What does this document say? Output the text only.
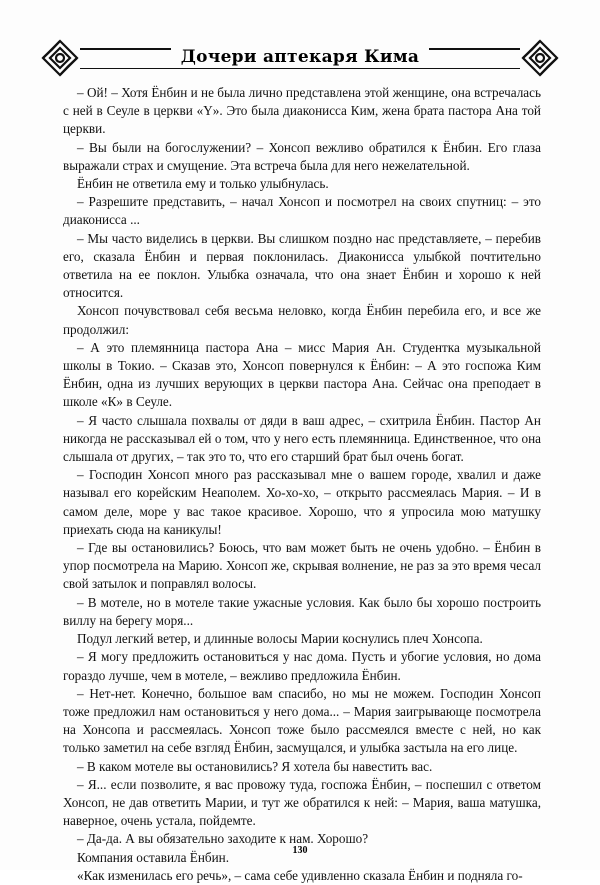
Дочери аптекаря Кима

– Ой! – Хотя Ёнбин и не была лично представлена этой женщине, она встречалась с ней в Сеуле в церкви «Y». Это была диаконисса Ким, жена брата пастора Ана той церкви.

– Вы были на богослужении? – Хонсоп вежливо обратился к Ёнбин. Его глаза выражали страх и смущение. Эта встреча была для него нежелательной.

Ёнбин не ответила ему и только улыбнулась.

– Разрешите представить, – начал Хонсоп и посмотрел на своих спутниц: – это диаконисса ...

– Мы часто виделись в церкви. Вы слишком поздно нас представляете, – перебив его, сказала Ёнбин и первая поклонилась. Диаконисса улыбкой почтительно ответила на ее поклон. Улыбка означала, что она знает Ёнбин и хорошо к ней относится.

Хонсоп почувствовал себя весьма неловко, когда Ёнбин перебила его, и все же продолжил:

– А это племянница пастора Ана – мисс Мария Ан. Студентка музыкальной школы в Токио. – Сказав это, Хонсоп повернулся к Ёнбин: – А это госпожа Ким Ёнбин, одна из лучших верующих в церкви пастора Ана. Сейчас она преподает в школе «К» в Сеуле.

– Я часто слышала похвалы от дяди в ваш адрес, – схитрила Ёнбин. Пастор Ан никогда не рассказывал ей о том, что у него есть племянница. Единственное, что она слышала от других, – так это то, что его старший брат был очень богат.

– Господин Хонсоп много раз рассказывал мне о вашем городе, хвалил и даже называл его корейским Неаполем. Хо-хо-хо, – открыто рассмеялась Мария. – И в самом деле, море у вас такое красивое. Хорошо, что я упросила мою матушку приехать сюда на каникулы!

– Где вы остановились? Боюсь, что вам может быть не очень удобно. – Ёнбин в упор посмотрела на Марию. Хонсоп же, скрывая волнение, не раз за это время чесал свой затылок и поправлял волосы.

– В мотеле, но в мотеле такие ужасные условия. Как было бы хорошо построить виллу на берегу моря...

Подул легкий ветер, и длинные волосы Марии коснулись плеч Хонсопа.

– Я могу предложить остановиться у нас дома. Пусть и убогие условия, но дома гораздо лучше, чем в мотеле, – вежливо предложила Ёнбин.

– Нет-нет. Конечно, большое вам спасибо, но мы не можем. Господин Хонсоп тоже предложил нам остановиться у него дома... – Мария заигрывающе посмотрела на Хонсопа и рассмеялась. Хонсоп тоже было рассмеялся вместе с ней, но как только заметил на себе взгляд Ёнбин, засмущался, и улыбка застыла на его лице.

– В каком мотеле вы остановились? Я хотела бы навестить вас.

– Я... если позволите, я вас провожу туда, госпожа Ёнбин, – поспешил с ответом Хонсоп, не дав ответить Марии, и тут же обратился к ней: – Мария, ваша матушка, наверное, очень устала, пойдемте.

– Да-да. А вы обязательно заходите к нам. Хорошо?

Компания оставила Ёнбин.

«Как изменилась его речь», – сама себе удивленно сказала Ёнбин и подняла го-

130
